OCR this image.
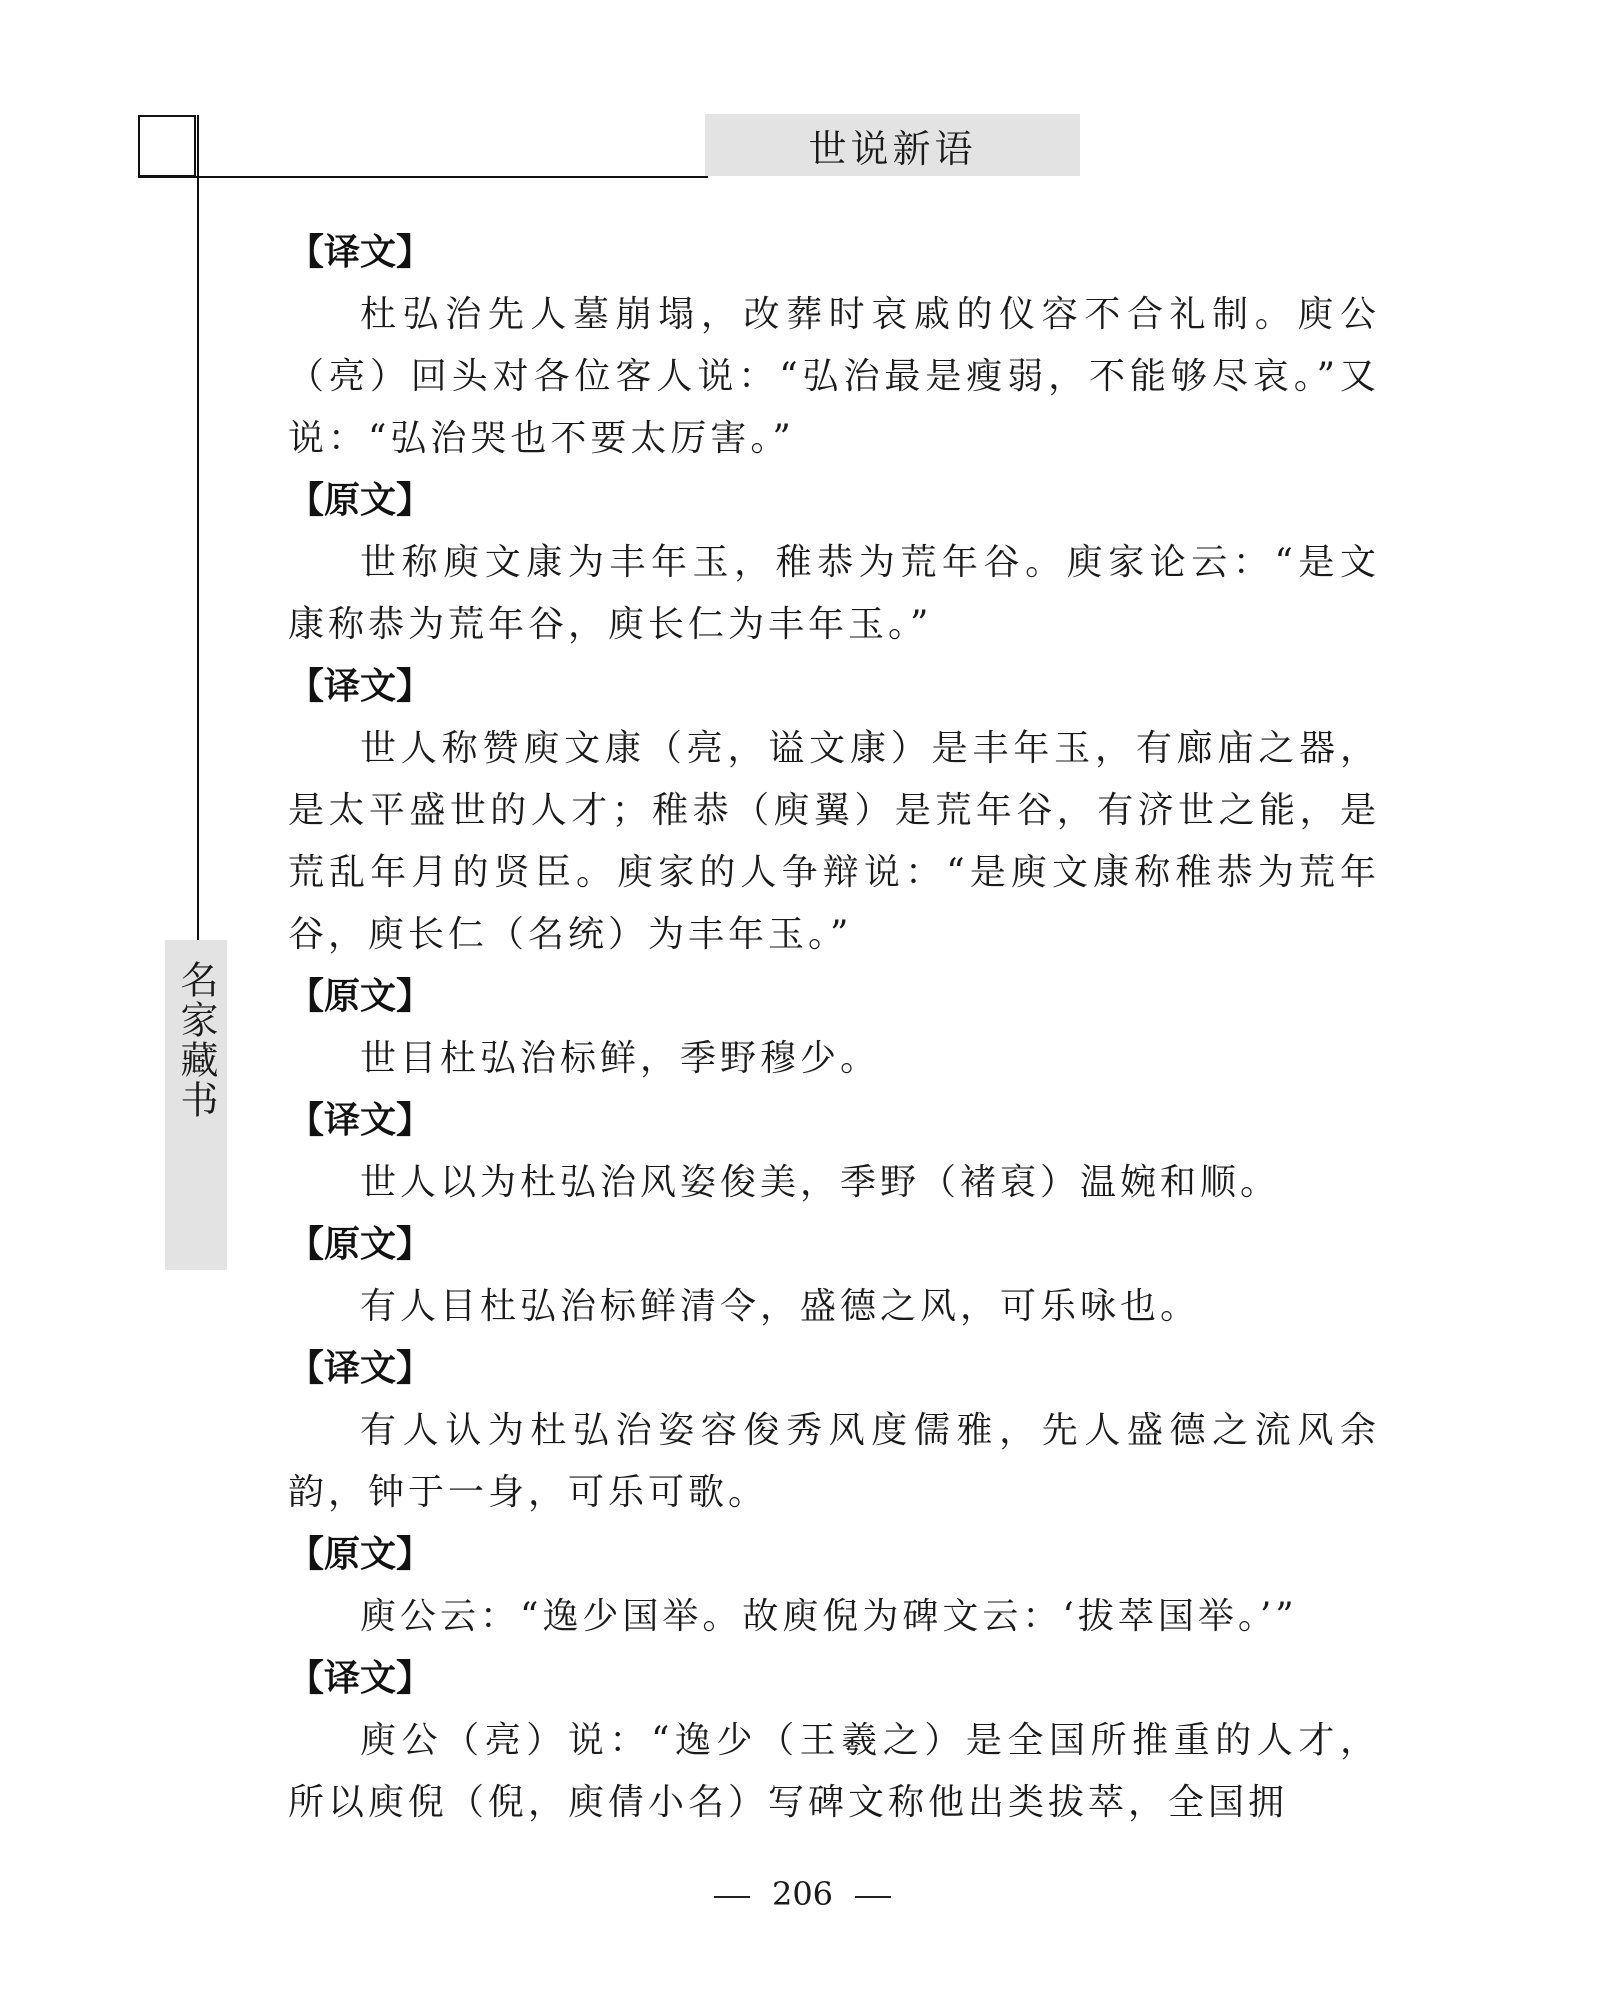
世说新语
名家藏书

【译文】

杜弘治先人墓崩塌，改葬时哀戚的仪容不合礼制。庾公（亮）回头对各位客人说：“弘治最是瘦弱，不能够尽哀。”又说：“弘治哭也不要太厉害。”

【原文】

世称庾文康为丰年玉，稚恭为荒年谷。庾家论云：“是文康称恭为荒年谷，庾长仁为丰年玉。”

【译文】

世人称赞庾文康（亮，谥文康）是丰年玉，有廊庙之器，是太平盛世的人才；稚恭（庾翼）是荒年谷，有济世之能，是荒乱年月的贤臣。庾家的人争辩说：“是庾文康称稚恭为荒年谷，庾长仁（名统）为丰年玉。”

【原文】

世目杜弘治标鲜，季野穆少。

【译文】

世人以为杜弘治风姿俊美，季野（褚裒）温婉和顺。

【原文】

有人目杜弘治标鲜清令，盛德之风，可乐咏也。

【译文】

有人认为杜弘治姿容俊秀风度儒雅，先人盛德之流风余韵，钟于一身，可乐可歌。

【原文】

庾公云：“逸少国举。故庾倪为碑文云：‘拔萃国举。’”

【译文】

庾公（亮）说：“逸少（王羲之）是全国所推重的人才，所以庾倪（倪，庾倩小名）写碑文称他出类拔萃，全国拥

206
